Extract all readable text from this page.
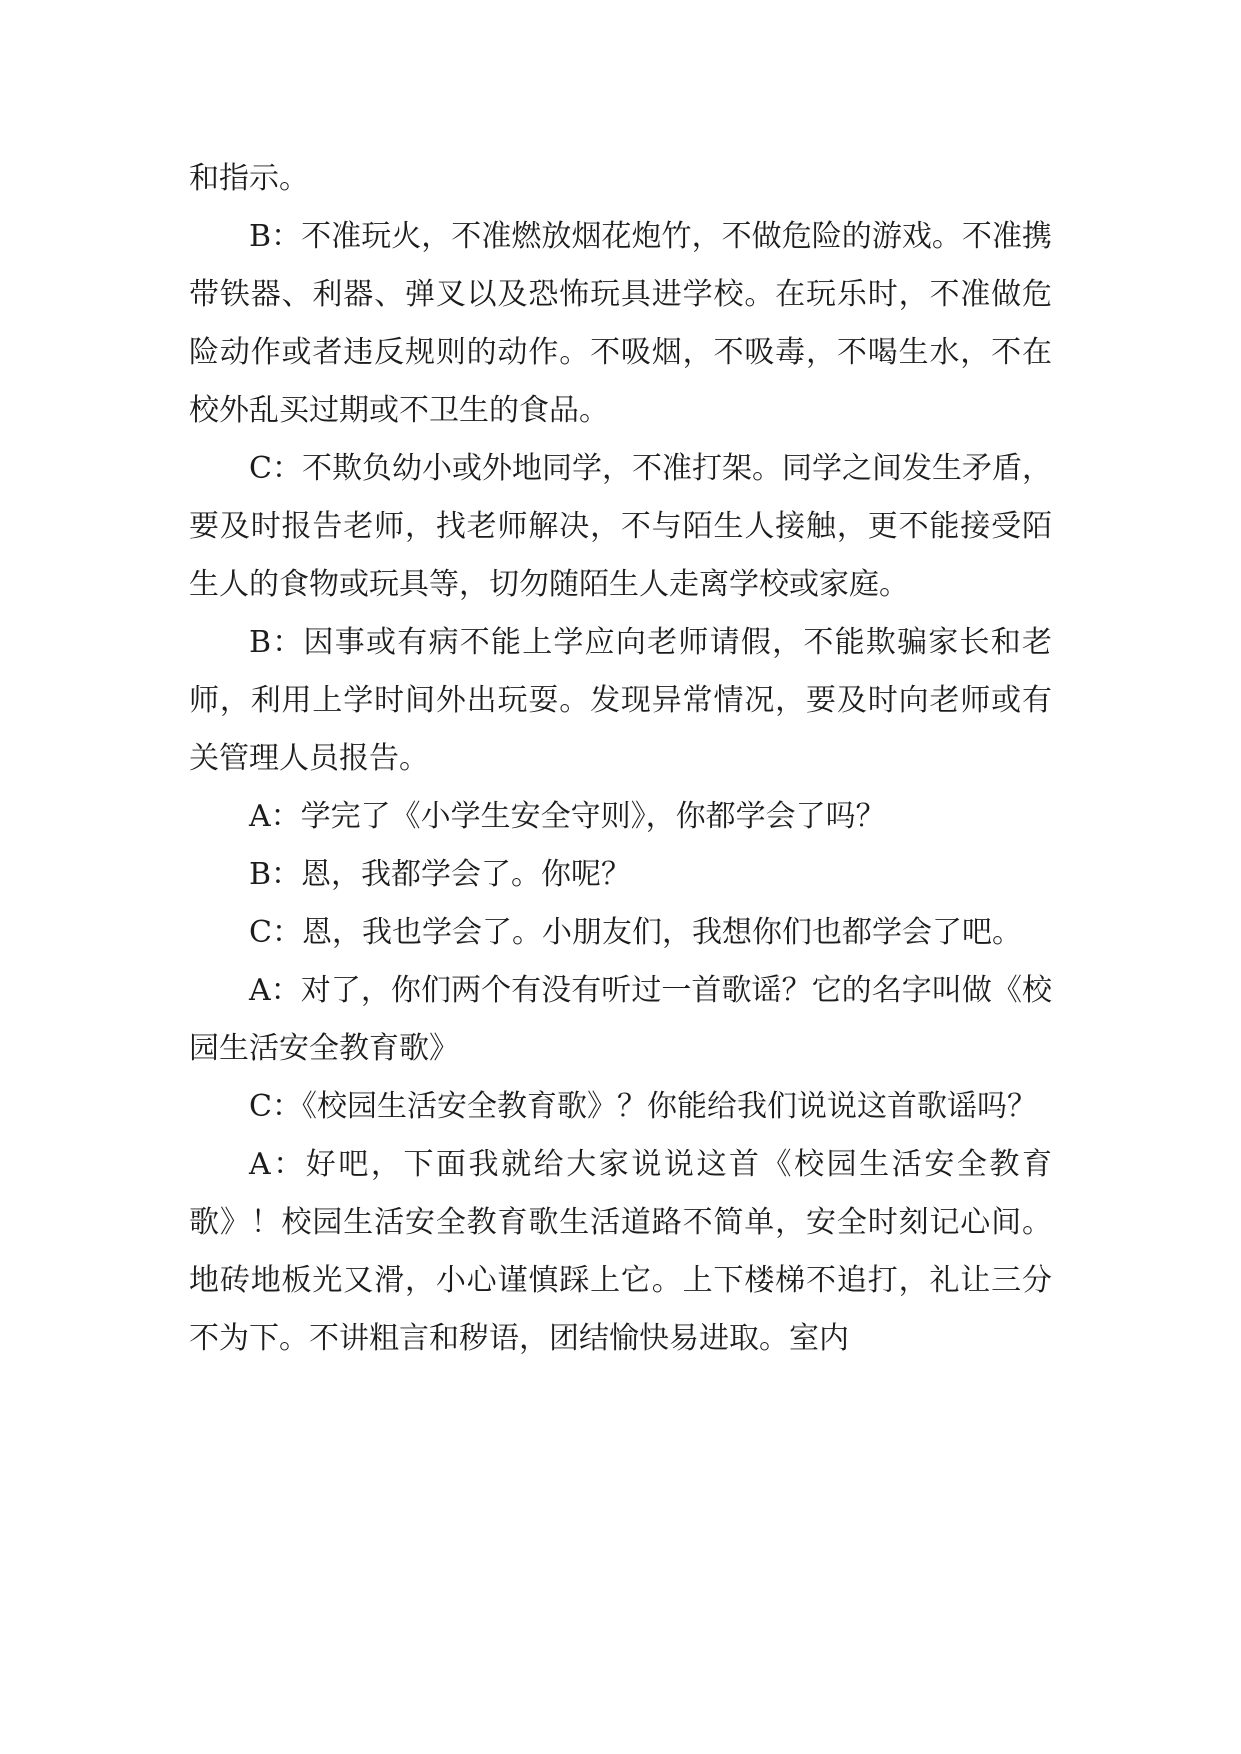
和指示。

B：不准玩火，不准燃放烟花炮竹，不做危险的游戏。不准携带铁器、利器、弹叉以及恐怖玩具进学校。在玩乐时，不准做危险动作或者违反规则的动作。不吸烟，不吸毒，不喝生水，不在校外乱买过期或不卫生的食品。

C：不欺负幼小或外地同学，不准打架。同学之间发生矛盾，要及时报告老师，找老师解决，不与陌生人接触，更不能接受陌生人的食物或玩具等，切勿随陌生人走离学校或家庭。

B：因事或有病不能上学应向老师请假，不能欺骗家长和老师，利用上学时间外出玩耍。发现异常情况，要及时向老师或有关管理人员报告。

A：学完了《小学生安全守则》，你都学会了吗？

B：恩，我都学会了。你呢？

C：恩，我也学会了。小朋友们，我想你们也都学会了吧。

A：对了，你们两个有没有听过一首歌谣？它的名字叫做《校园生活安全教育歌》

C：《校园生活安全教育歌》？你能给我们说说这首歌谣吗？

A：好吧，下面我就给大家说说这首《校园生活安全教育歌》！校园生活安全教育歌生活道路不简单，安全时刻记心间。地砖地板光又滑，小心谨慎踩上它。上下楼梯不追打，礼让三分不为下。不讲粗言和秽语，团结愉快易进取。室内
